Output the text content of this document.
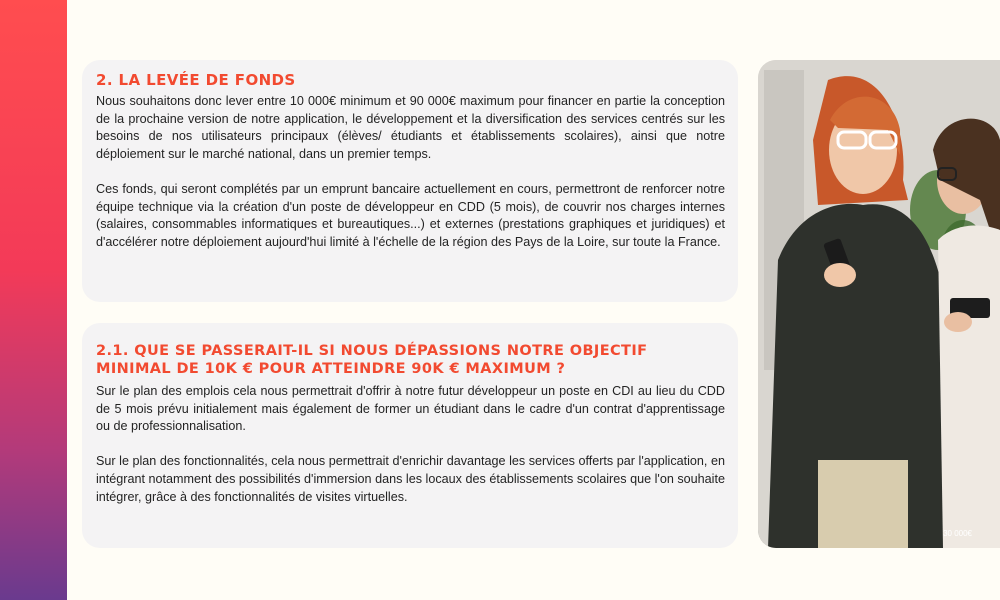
2. LA LEVÉE DE FONDS

Nous souhaitons donc lever entre 10 000€ minimum et 90 000€ maximum pour financer en partie la conception de la prochaine version de notre application, le développement et la diversification des services centrés sur les besoins de nos utilisateurs principaux (élèves/ étudiants et établissements scolaires), ainsi que notre déploiement sur le marché national, dans un premier temps.

Ces fonds, qui seront complétés par un emprunt bancaire actuellement en cours, permettront de renforcer notre équipe technique via la création d'un poste de développeur en CDD (5 mois), de couvrir nos charges internes (salaires, consommables informatiques et bureautiques...) et externes (prestations graphiques et juridiques) et d'accélérer notre déploiement aujourd'hui limité à l'échelle de la région des Pays de la Loire, sur toute la France.

2.1. QUE SE PASSERAIT-IL SI NOUS DÉPASSIONS NOTRE OBJECTIF MINIMAL DE 10K € POUR ATTEINDRE 90K € MAXIMUM ?

Sur le plan des emplois cela nous permettrait d'offrir à notre futur développeur un poste en CDI au lieu du CDD de 5 mois prévu initialement mais également de former un étudiant dans le cadre d'un contrat d'apprentissage ou de professionnalisation.

Sur le plan des fonctionnalités, cela nous permettrait d'enrichir davantage les services offerts par l'application, en intégrant notamment des possibilités d'immersion dans les locaux des établissements scolaires que l'on souhaite intégrer, grâce à des fonctionnalités de visites virtuelles.

30 000€
